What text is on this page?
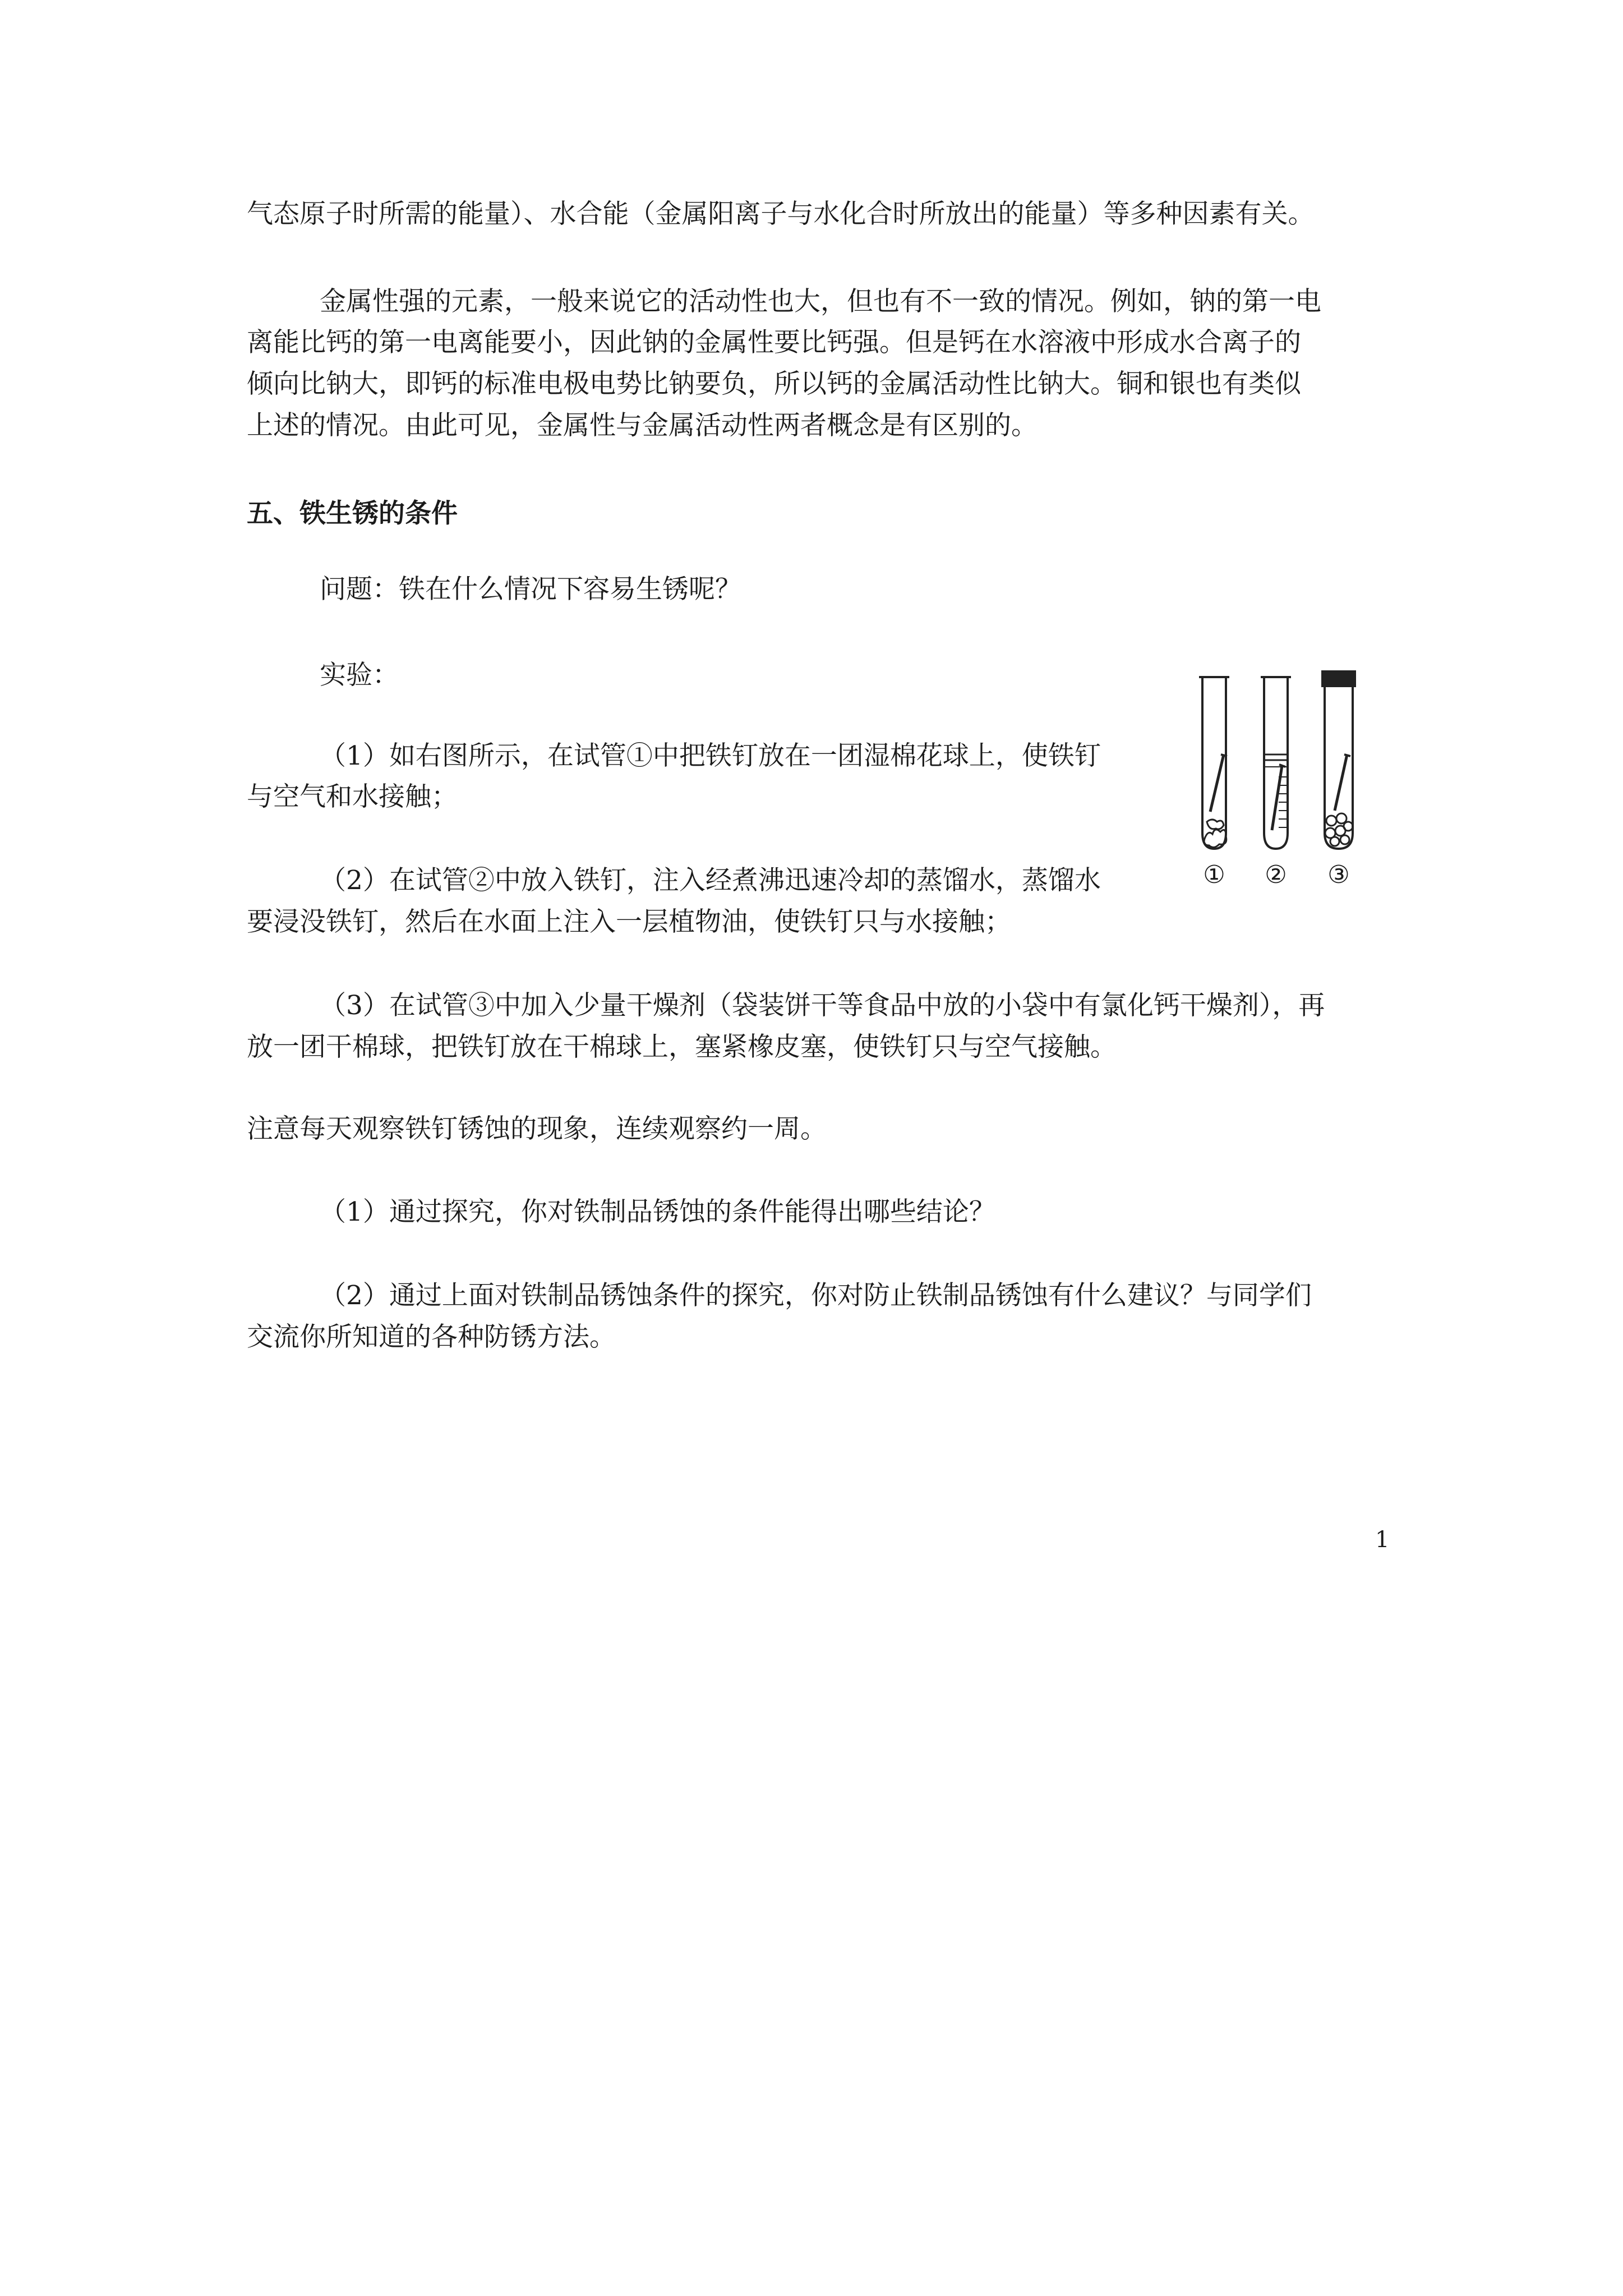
气态原子时所需的能量）、水合能（金属阳离子与水化合时所放出的能量）等多种因素有关。
金属性强的元素，一般来说它的活动性也大，但也有不一致的情况。例如，钠的第一电
离能比钙的第一电离能要小，因此钠的金属性要比钙强。但是钙在水溶液中形成水合离子的
倾向比钠大，即钙的标准电极电势比钠要负，所以钙的金属活动性比钠大。铜和银也有类似
上述的情况。由此可见，金属性与金属活动性两者概念是有区别的。
五、铁生锈的条件
问题：铁在什么情况下容易生锈呢？
实验：
（1）如右图所示，在试管①中把铁钉放在一团湿棉花球上，使铁钉
与空气和水接触；
（2）在试管②中放入铁钉，注入经煮沸迅速冷却的蒸馏水，蒸馏水
要浸没铁钉，然后在水面上注入一层植物油，使铁钉只与水接触；
（3）在试管③中加入少量干燥剂（袋装饼干等食品中放的小袋中有氯化钙干燥剂），再
放一团干棉球，把铁钉放在干棉球上，塞紧橡皮塞，使铁钉只与空气接触。
注意每天观察铁钉锈蚀的现象，连续观察约一周。
（1）通过探究，你对铁制品锈蚀的条件能得出哪些结论？
（2）通过上面对铁制品锈蚀条件的探究，你对防止铁制品锈蚀有什么建议？与同学们
交流你所知道的各种防锈方法。
① ② ③
1
